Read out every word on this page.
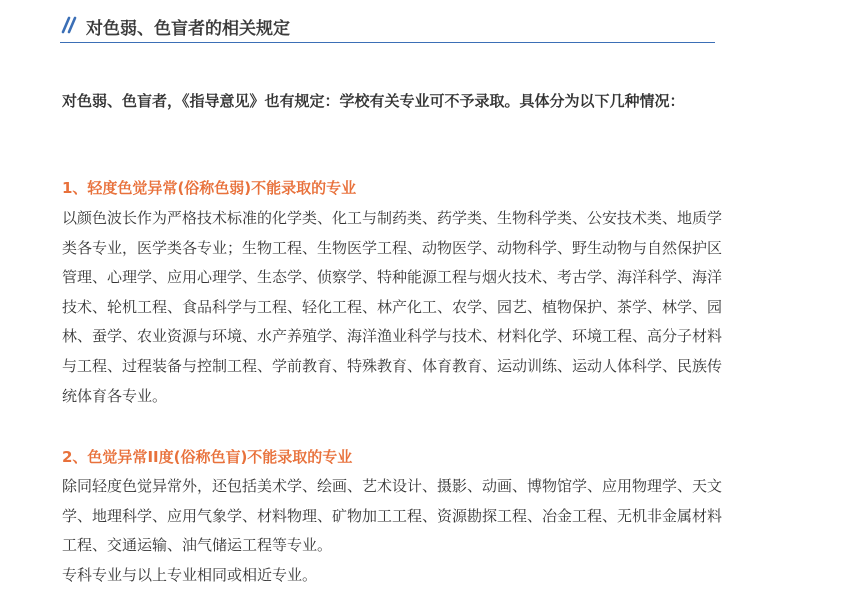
对色弱、色盲者的相关规定
对色弱、色盲者，《指导意见》也有规定：学校有关专业可不予录取。具体分为以下几种情况：
1、轻度色觉异常(俗称色弱)不能录取的专业
以颜色波长作为严格技术标准的化学类、化工与制药类、药学类、生物科学类、公安技术类、地质学类各专业，医学类各专业；生物工程、生物医学工程、动物医学、动物科学、野生动物与自然保护区管理、心理学、应用心理学、生态学、侦察学、特种能源工程与烟火技术、考古学、海洋科学、海洋技术、轮机工程、食品科学与工程、轻化工程、林产化工、农学、园艺、植物保护、茶学、林学、园林、蚕学、农业资源与环境、水产养殖学、海洋渔业科学与技术、材料化学、环境工程、高分子材料与工程、过程装备与控制工程、学前教育、特殊教育、体育教育、运动训练、运动人体科学、民族传统体育各专业。
2、色觉异常II度(俗称色盲)不能录取的专业
除同轻度色觉异常外，还包括美术学、绘画、艺术设计、摄影、动画、博物馆学、应用物理学、天文学、地理科学、应用气象学、材料物理、矿物加工工程、资源勘探工程、冶金工程、无机非金属材料工程、交通运输、油气储运工程等专业。
专科专业与以上专业相同或相近专业。
